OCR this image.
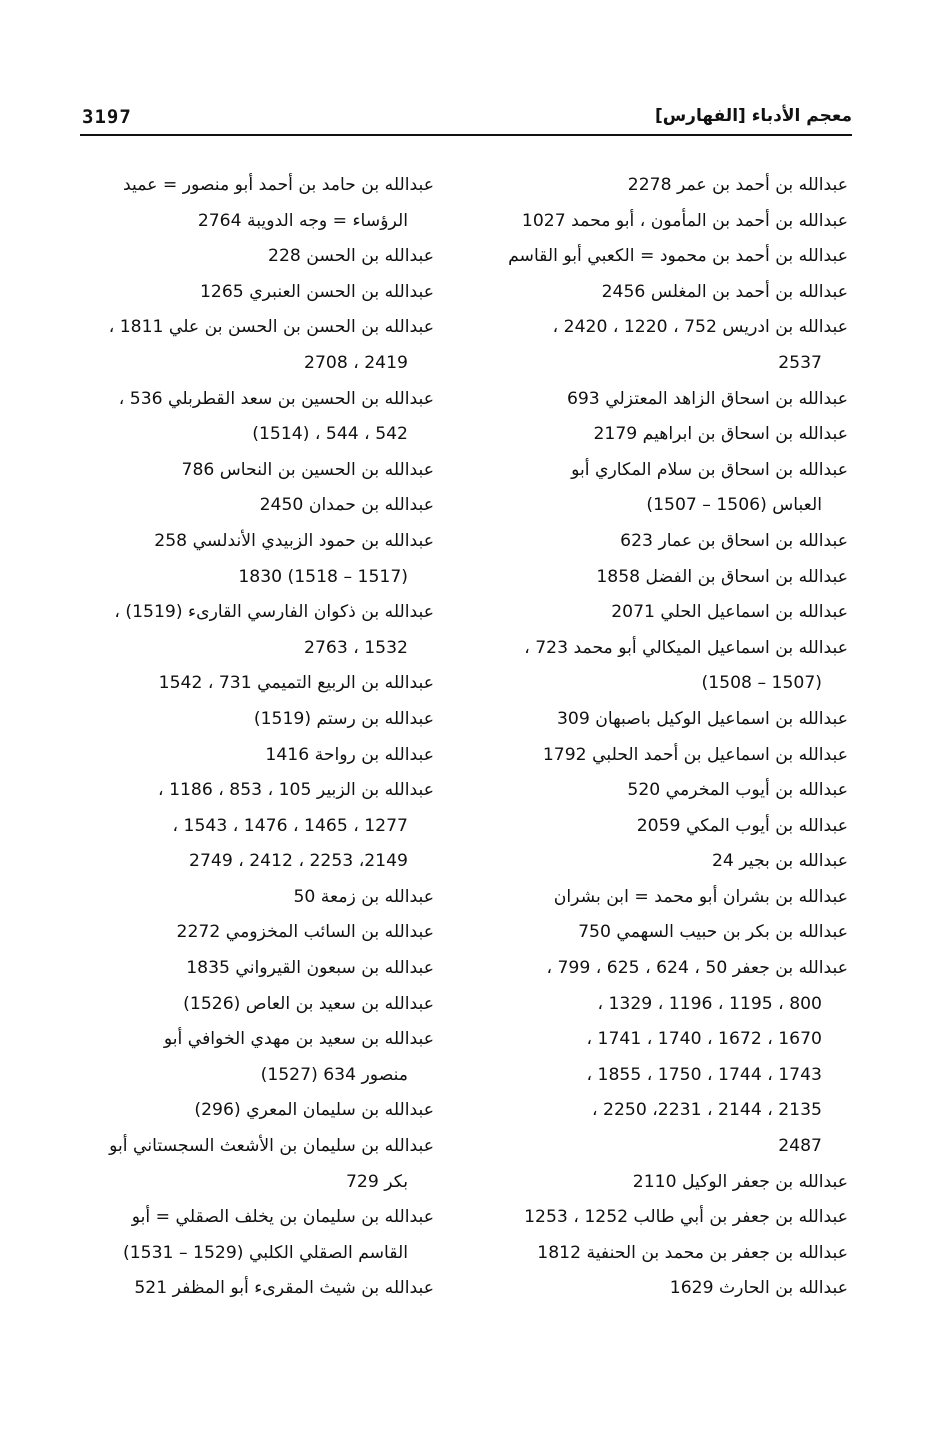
3197	معجم الأدباء [الفهارس]
عبدالله بن أحمد بن عمر 2278
عبدالله بن أحمد بن المأمون ، أبو محمد 1027
عبدالله بن أحمد بن محمود = الكعبي أبو القاسم
عبدالله بن أحمد بن المغلس 2456
عبدالله بن ادريس 752 ، 1220 ، 2420 ،
2537
عبدالله بن اسحاق الزاهد المعتزلي 693
عبدالله بن اسحاق بن ابراهيم 2179
عبدالله بن اسحاق بن سلام المكاري أبو
العباس (1506 – 1507)
عبدالله بن اسحاق بن عمار 623
عبدالله بن اسحاق بن الفضل 1858
عبدالله بن اسماعيل الحلي 2071
عبدالله بن اسماعيل الميكالي أبو محمد 723 ،
(1507 – 1508)
عبدالله بن اسماعيل الوكيل باصبهان 309
عبدالله بن اسماعيل بن أحمد الحلبي 1792
عبدالله بن أيوب المخرمي 520
عبدالله بن أيوب المكي 2059
عبدالله بن بجير 24
عبدالله بن بشران أبو محمد = ابن بشران
عبدالله بن بكر بن حبيب السهمي 750
عبدالله بن جعفر 50 ، 624 ، 625 ، 799 ،
800 ، 1195 ، 1196 ، 1329 ،
1670 ، 1672 ، 1740 ، 1741 ،
1743 ، 1744 ، 1750 ، 1855 ،
2135 ، 2144 ، 2231، 2250 ،
2487
عبدالله بن جعفر الوكيل 2110
عبدالله بن جعفر بن أبي طالب 1252 ، 1253
عبدالله بن جعفر بن محمد بن الحنفية 1812
عبدالله بن الحارث 1629
عبدالله بن حامد بن أحمد أبو منصور = عميد
الرؤساء = وجه الدويبة 2764
عبدالله بن الحسن 228
عبدالله بن الحسن العنبري 1265
عبدالله بن الحسن بن الحسن بن علي 1811 ،
2419 ، 2708
عبدالله بن الحسين بن سعد القطربلي 536 ،
542 ، 544 ، (1514)
عبدالله بن الحسين بن النحاس 786
عبدالله بن حمدان 2450
عبدالله بن حمود الزبيدي الأندلسي 258
(1517 – 1518) 1830
عبدالله بن ذكوان الفارسي القارىء (1519) ،
1532 ، 2763
عبدالله بن الربيع التميمي 731 ، 1542
عبدالله بن رستم (1519)
عبدالله بن رواحة 1416
عبدالله بن الزبير 105 ، 853 ، 1186 ،
1277 ، 1465 ، 1476 ، 1543 ،
2149، 2253 ، 2412 ، 2749
عبدالله بن زمعة 50
عبدالله بن السائب المخزومي 2272
عبدالله بن سبعون القيرواني 1835
عبدالله بن سعيد بن العاص (1526)
عبدالله بن سعيد بن مهدي الخوافي أبو
منصور 634 (1527)
عبدالله بن سليمان المعري (296)
عبدالله بن سليمان بن الأشعث السجستاني أبو
بكر 729
عبدالله بن سليمان بن يخلف الصقلي = أبو
القاسم الصقلي الكلبي (1529 – 1531)
عبدالله بن شيث المقرىء أبو المظفر 521
